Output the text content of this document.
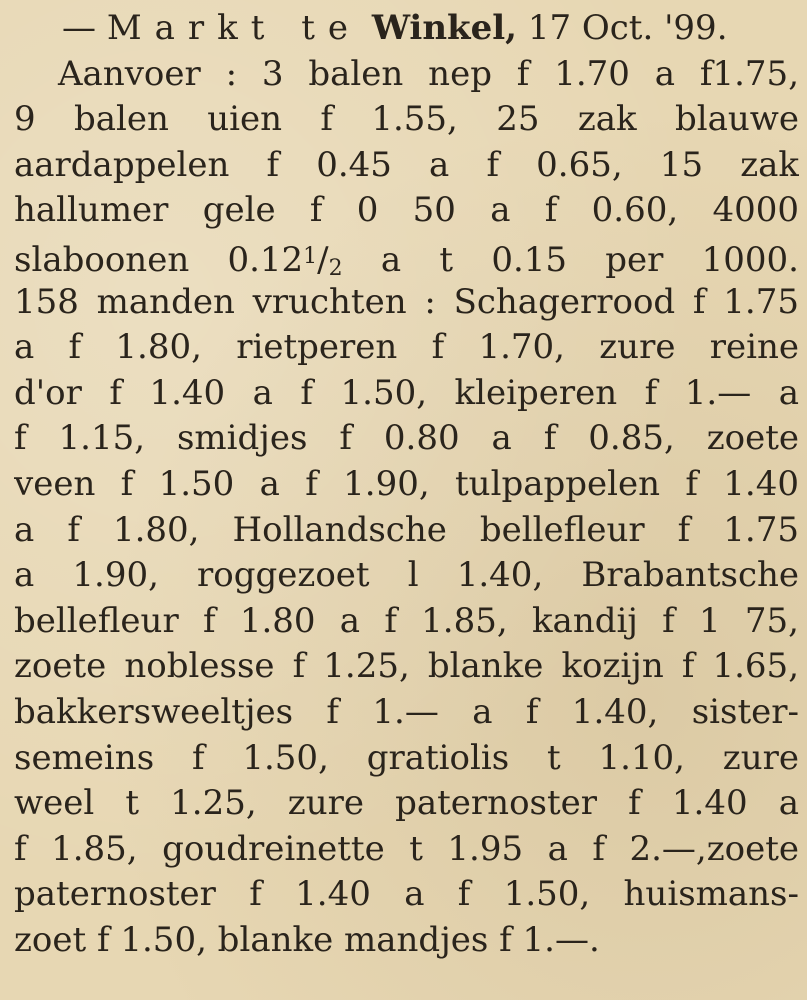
— Markt te Winkel, 17 Oct. '99.
Aanvoer : 3 balen nep f 1.70 a f1.75,
9 balen uien f 1.55, 25 zak blauwe
aardappelen f 0.45 a f 0.65, 15 zak
hallumer gele f 0 50 a f 0.60, 4000
slaboonen 0.12$^1$/2 a t 0.15 per 1000.
158 manden vruchten : Schagerrood f 1.75
a f 1.80, rietperen f 1.70, zure reine
d'or f 1.40 a f 1.50, kleiperen f 1.— a
f 1.15, smidjes f 0.80 a f 0.85, zoete
veen f 1.50 a f 1.90, tulpappelen f 1.40
a f 1.80, Hollandsche bellefleur f 1.75
a 1.90, roggezoet l 1.40, Brabantsche
bellefleur f 1.80 a f 1.85, kandij f 1 75,
zoete noblesse f 1.25, blanke kozijn f 1.65,
bakkersweeltjes f 1.— a f 1.40, sister-
semeins f 1.50, gratiolis t 1.10, zure
weel t 1.25, zure paternoster f 1.40 a
f 1.85, goudreinette t 1.95 a f 2.—,zoete
paternoster f 1.40 a f 1.50, huismans-
zoet f 1.50, blanke mandjes f 1.—.
